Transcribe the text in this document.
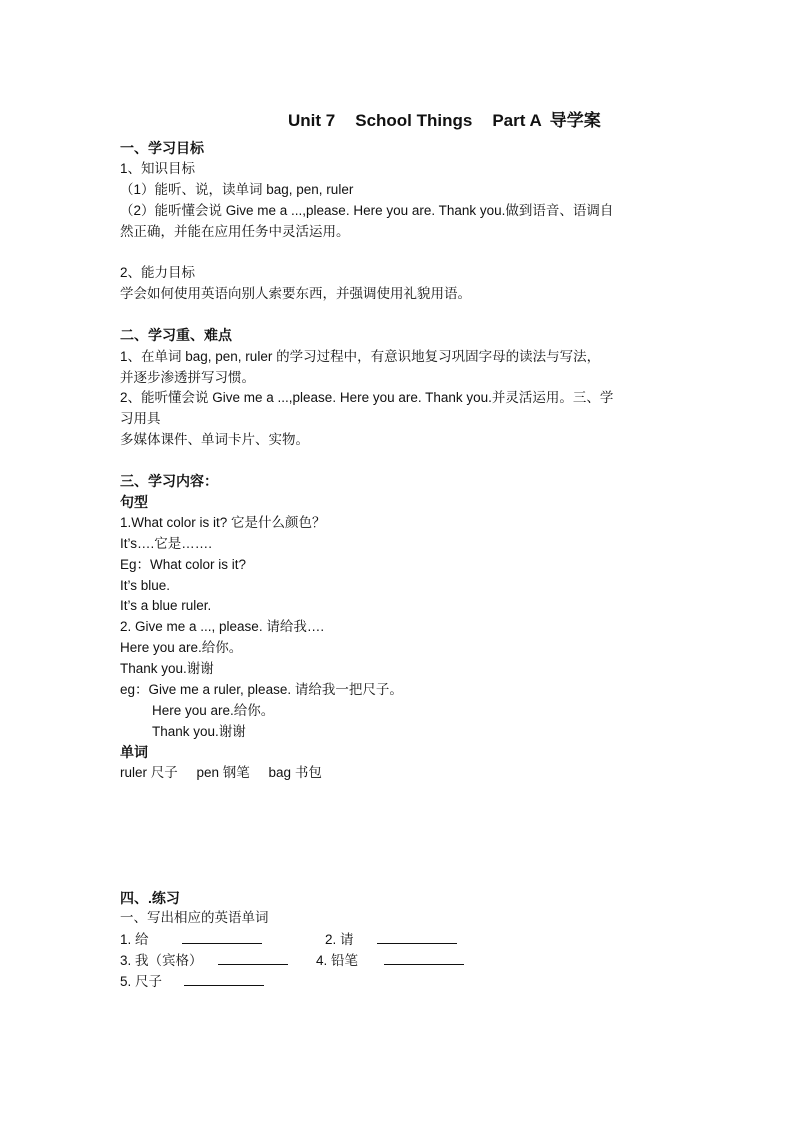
Unit 7 School Things Part A 导学案
一、学习目标
1、知识目标
（1）能听、说，读单词 bag, pen, ruler
（2）能听懂会说 Give me a ...,please. Here you are. Thank you.做到语音、语调自
然正确，并能在应用任务中灵活运用。
2、能力目标
学会如何使用英语向别人索要东西，并强调使用礼貌用语。
二、学习重、难点
1、在单词 bag, pen, ruler 的学习过程中，有意识地复习巩固字母的读法与写法，
并逐步渗透拼写习惯。
2、能听懂会说 Give me a ...,please. Here you are. Thank you.并灵活运用。三、学
习用具
多媒体课件、单词卡片、实物。
三、学习内容：
句型
1.What color is it? 它是什么颜色？
It’s….它是…….
Eg：What color is it?
It’s blue.
It’s a blue ruler.
2. Give me a ..., please. 请给我….
Here you are.给你。
Thank you.谢谢
eg：Give me a ruler, please. 请给我一把尺子。
Here you are.给你。
Thank you.谢谢
单词
ruler 尺子     pen 钢笔     bag 书包
四、.练习
一、写出相应的英语单词
1. 给	2. 请
3. 我（宾格）	4. 铅笔
5. 尺子
